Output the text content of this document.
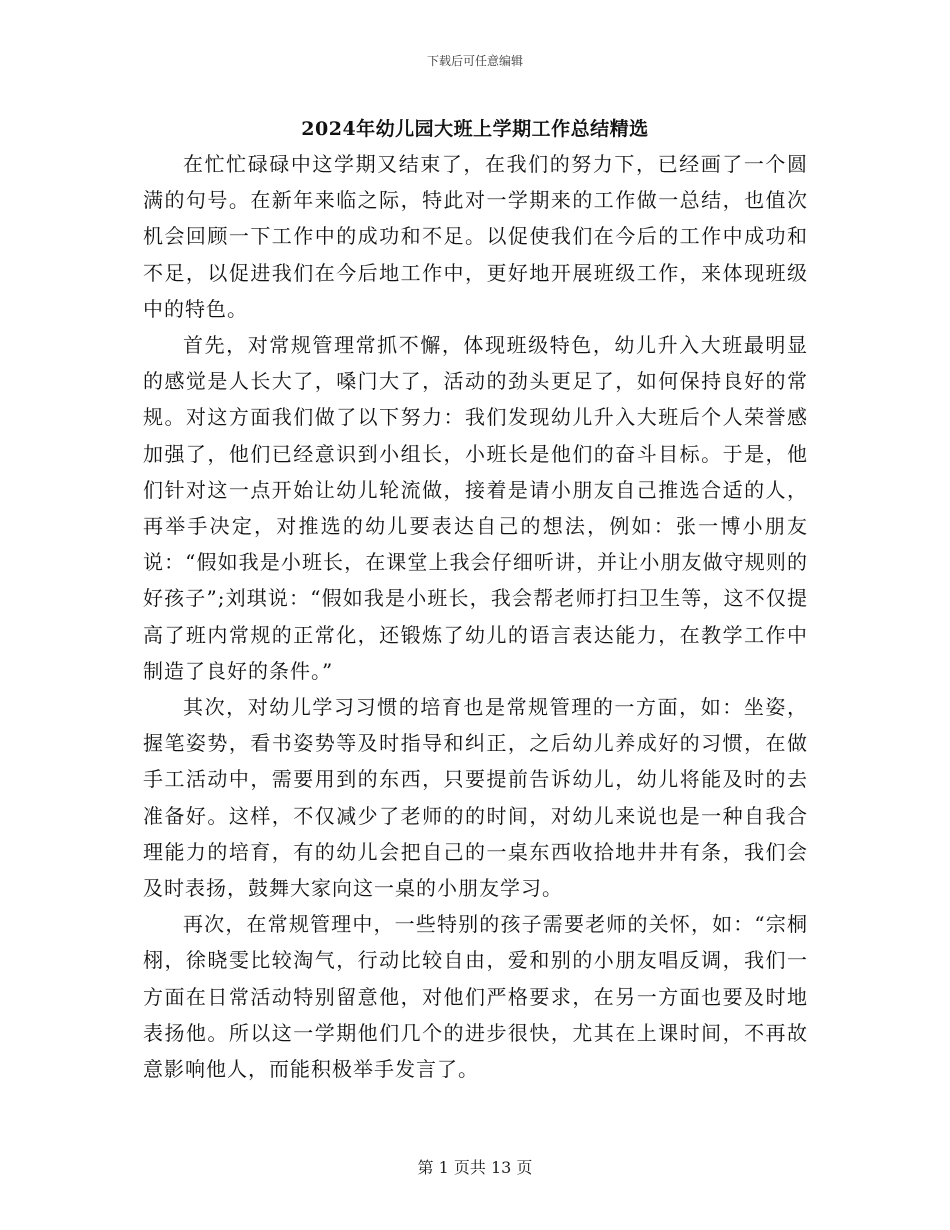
下载后可任意编辑
2024年幼儿园大班上学期工作总结精选

在忙忙碌碌中这学期又结束了，在我们的努力下，已经画了一个圆满的句号。在新年来临之际，特此对一学期来的工作做一总结，也值次机会回顾一下工作中的成功和不足。以促使我们在今后的工作中成功和不足，以促进我们在今后地工作中，更好地开展班级工作，来体现班级中的特色。

首先，对常规管理常抓不懈，体现班级特色，幼儿升入大班最明显的感觉是人长大了，嗓门大了，活动的劲头更足了，如何保持良好的常规。对这方面我们做了以下努力：我们发现幼儿升入大班后个人荣誉感加强了，他们已经意识到小组长，小班长是他们的奋斗目标。于是，他们针对这一点开始让幼儿轮流做，接着是请小朋友自己推选合适的人，再举手决定，对推选的幼儿要表达自己的想法，例如：张一博小朋友说：“假如我是小班长，在课堂上我会仔细听讲，并让小朋友做守规则的好孩子”;刘琪说：“假如我是小班长，我会帮老师打扫卫生等，这不仅提高了班内常规的正常化，还锻炼了幼儿的语言表达能力，在教学工作中制造了良好的条件。”

其次，对幼儿学习习惯的培育也是常规管理的一方面，如：坐姿，握笔姿势，看书姿势等及时指导和纠正，之后幼儿养成好的习惯，在做手工活动中，需要用到的东西，只要提前告诉幼儿，幼儿将能及时的去准备好。这样，不仅减少了老师的的时间，对幼儿来说也是一种自我合理能力的培育，有的幼儿会把自己的一桌东西收拾地井井有条，我们会及时表扬，鼓舞大家向这一桌的小朋友学习。

再次，在常规管理中，一些特别的孩子需要老师的关怀，如：“宗桐栩，徐晓雯比较淘气，行动比较自由，爱和别的小朋友唱反调，我们一方面在日常活动特别留意他，对他们严格要求，在另一方面也要及时地表扬他。所以这一学期他们几个的进步很快，尤其在上课时间，不再故意影响他人，而能积极举手发言了。

第 1 页共 13 页
